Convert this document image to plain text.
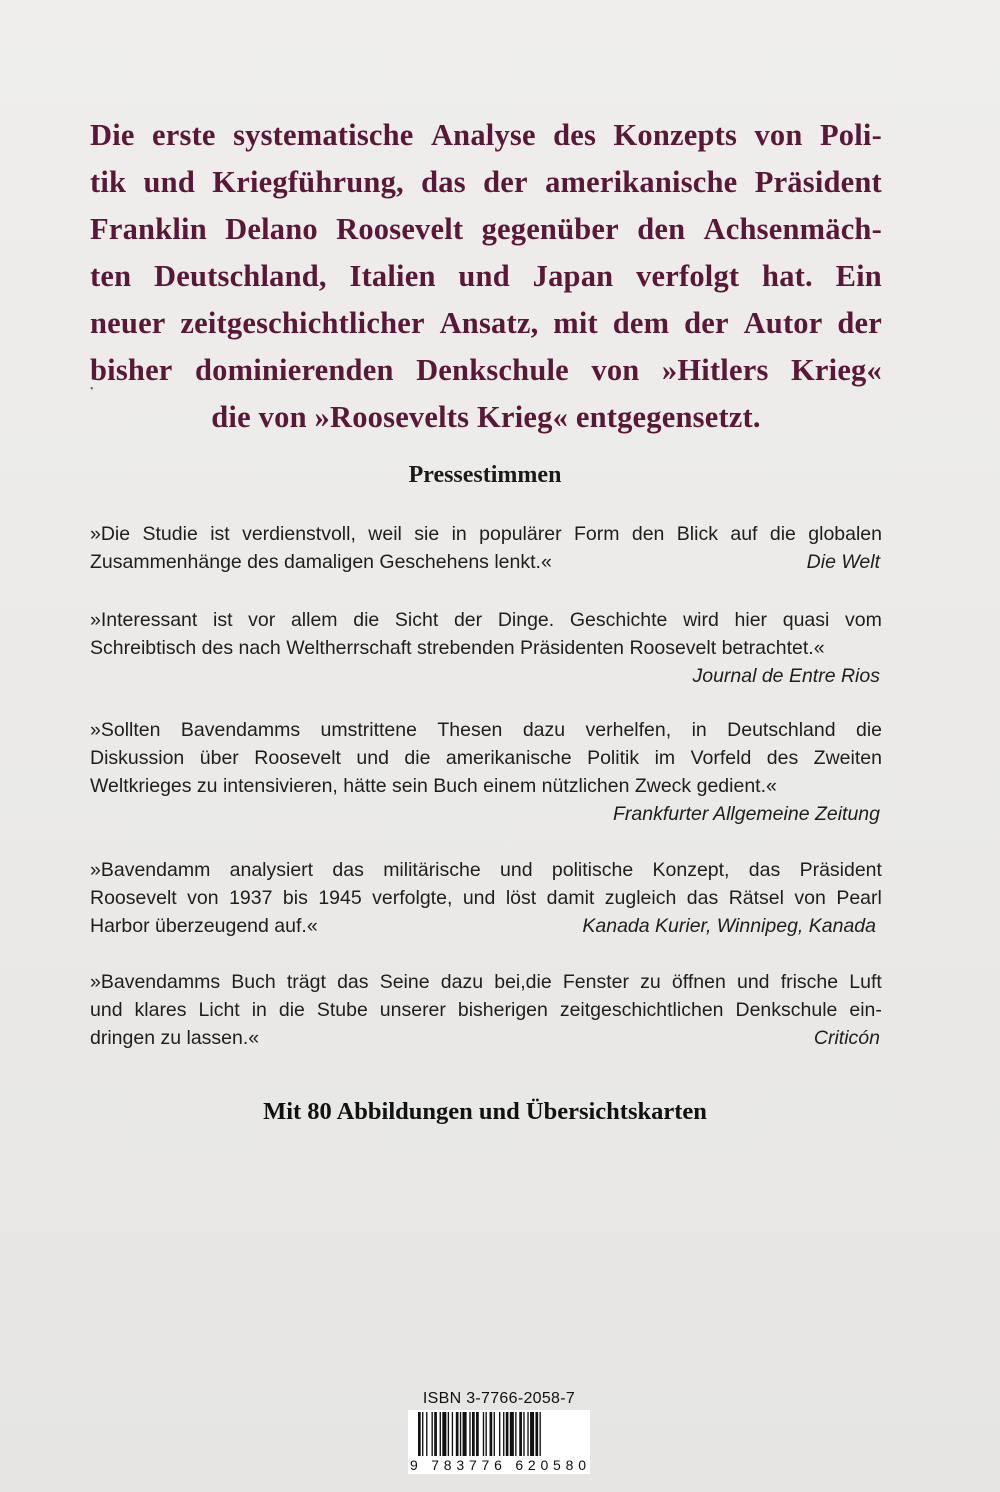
Die erste systematische Analyse des Konzepts von Poli-
tik und Kriegführung, das der amerikanische Präsident
Franklin Delano Roosevelt gegenüber den Achsenmäch-
ten Deutschland, Italien und Japan verfolgt hat. Ein
neuer zeitgeschichtlicher Ansatz, mit dem der Autor der
bisher dominierenden Denkschule von »Hitlers Krieg«
die von »Roosevelts Krieg« entgegensetzt.
Pressestimmen
»Die Studie ist verdienstvoll, weil sie in populärer Form den Blick auf die globalen
Zusammenhänge des damaligen Geschehens lenkt.«	Die Welt
»Interessant ist vor allem die Sicht der Dinge. Geschichte wird hier quasi vom
Schreibtisch des nach Weltherrschaft strebenden Präsidenten Roosevelt betrachtet.«
Journal de Entre Rios
»Sollten Bavendamms umstrittene Thesen dazu verhelfen, in Deutschland die
Diskussion über Roosevelt und die amerikanische Politik im Vorfeld des Zweiten
Weltkrieges zu intensivieren, hätte sein Buch einem nützlichen Zweck gedient.«
Frankfurter Allgemeine Zeitung
»Bavendamm analysiert das militärische und politische Konzept, das Präsident
Roosevelt von 1937 bis 1945 verfolgte, und löst damit zugleich das Rätsel von Pearl
Harbor überzeugend auf.«	Kanada Kurier, Winnipeg, Kanada
»Bavendamms Buch trägt das Seine dazu bei,die Fenster zu öffnen und frische Luft
und klares Licht in die Stube unserer bisherigen zeitgeschichtlichen Denkschule ein-
dringen zu lassen.«	Criticón
Mit 80 Abbildungen und Übersichtskarten
ISBN 3-7766-2058-7
9 783776 620580
•
